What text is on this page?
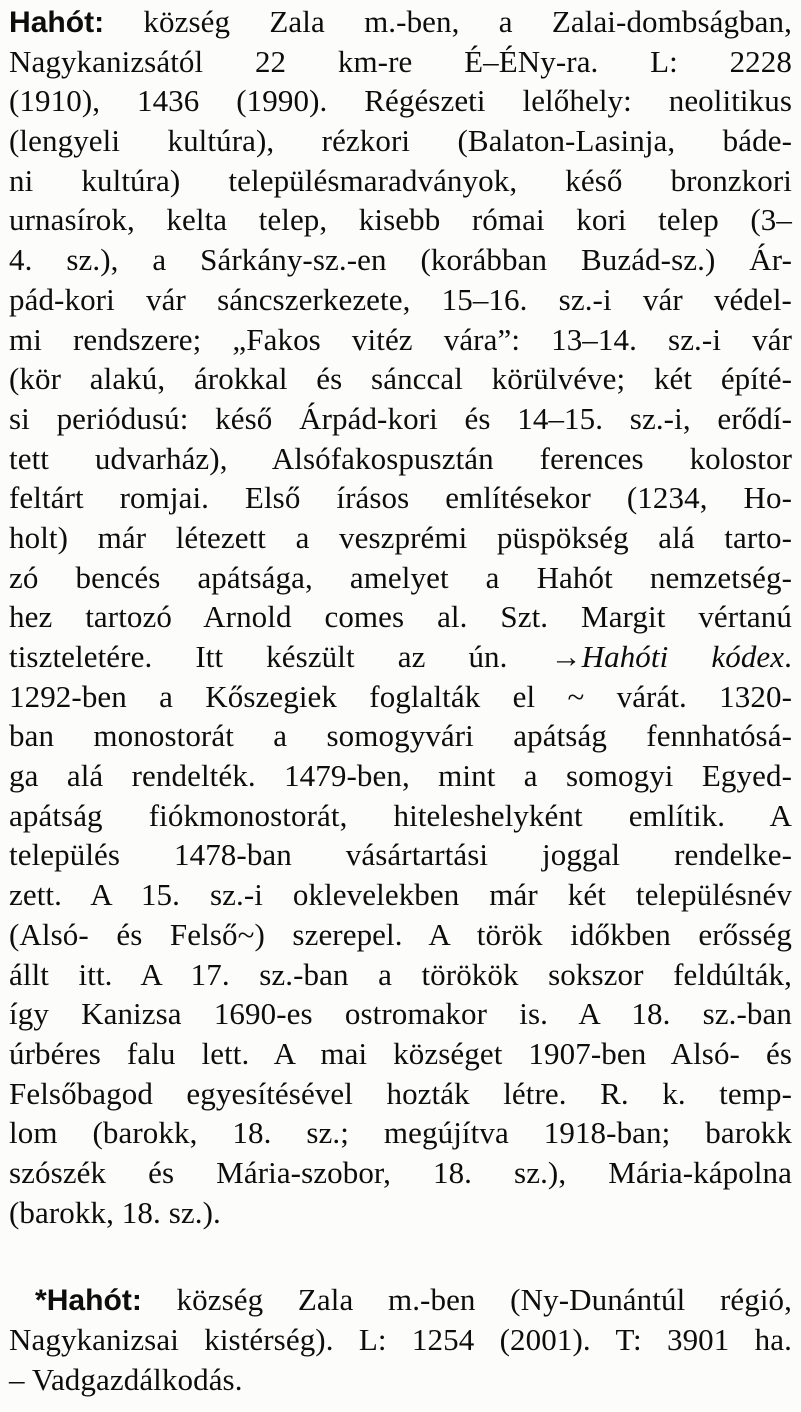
Hahót: község Zala m.-ben, a Zalai-dombságban,
Nagykanizsától 22 km-re É–ÉNy-ra. L: 2228
(1910), 1436 (1990). Régészeti lelőhely: neolitikus
(lengyeli kultúra), rézkori (Balaton-Lasinja, báde-
ni kultúra) településmaradványok, késő bronzkori
urnasírok, kelta telep, kisebb római kori telep (3–
4. sz.), a Sárkány-sz.-en (korábban Buzád-sz.) Ár-
pád-kori vár sáncszerkezete, 15–16. sz.-i vár védel-
mi rendszere; „Fakos vitéz vára”: 13–14. sz.-i vár
(kör alakú, árokkal és sánccal körülvéve; két építé-
si periódusú: késő Árpád-kori és 14–15. sz.-i, erődí-
tett udvarház), Alsófakospusztán ferences kolostor
feltárt romjai. Első írásos említésekor (1234, Ho-
holt) már létezett a veszprémi püspökség alá tarto-
zó bencés apátsága, amelyet a Hahót nemzetség-
hez tartozó Arnold comes al. Szt. Margit vértanú
tiszteletére. Itt készült az ún. →Hahóti kódex.
1292-ben a Kőszegiek foglalták el ~ várát. 1320-
ban monostorát a somogyvári apátság fennhatósá-
ga alá rendelték. 1479-ben, mint a somogyi Egyed-
apátság fiókmonostorát, hiteleshelyként említik. A
település 1478-ban vásártartási joggal rendelke-
zett. A 15. sz.-i oklevelekben már két településnév
(Alsó- és Felső~) szerepel. A török időkben erősség
állt itt. A 17. sz.-ban a törökök sokszor feldúlták,
így Kanizsa 1690-es ostromakor is. A 18. sz.-ban
úrbéres falu lett. A mai községet 1907-ben Alsó- és
Felsőbagod egyesítésével hozták létre. R. k. temp-
lom (barokk, 18. sz.; megújítva 1918-ban; barokk
szószék és Mária-szobor, 18. sz.), Mária-kápolna
(barokk, 18. sz.).
*Hahót: község Zala m.-ben (Ny-Dunántúl régió,
Nagykanizsai kistérség). L: 1254 (2001). T: 3901 ha.
– Vadgazdálkodás.
